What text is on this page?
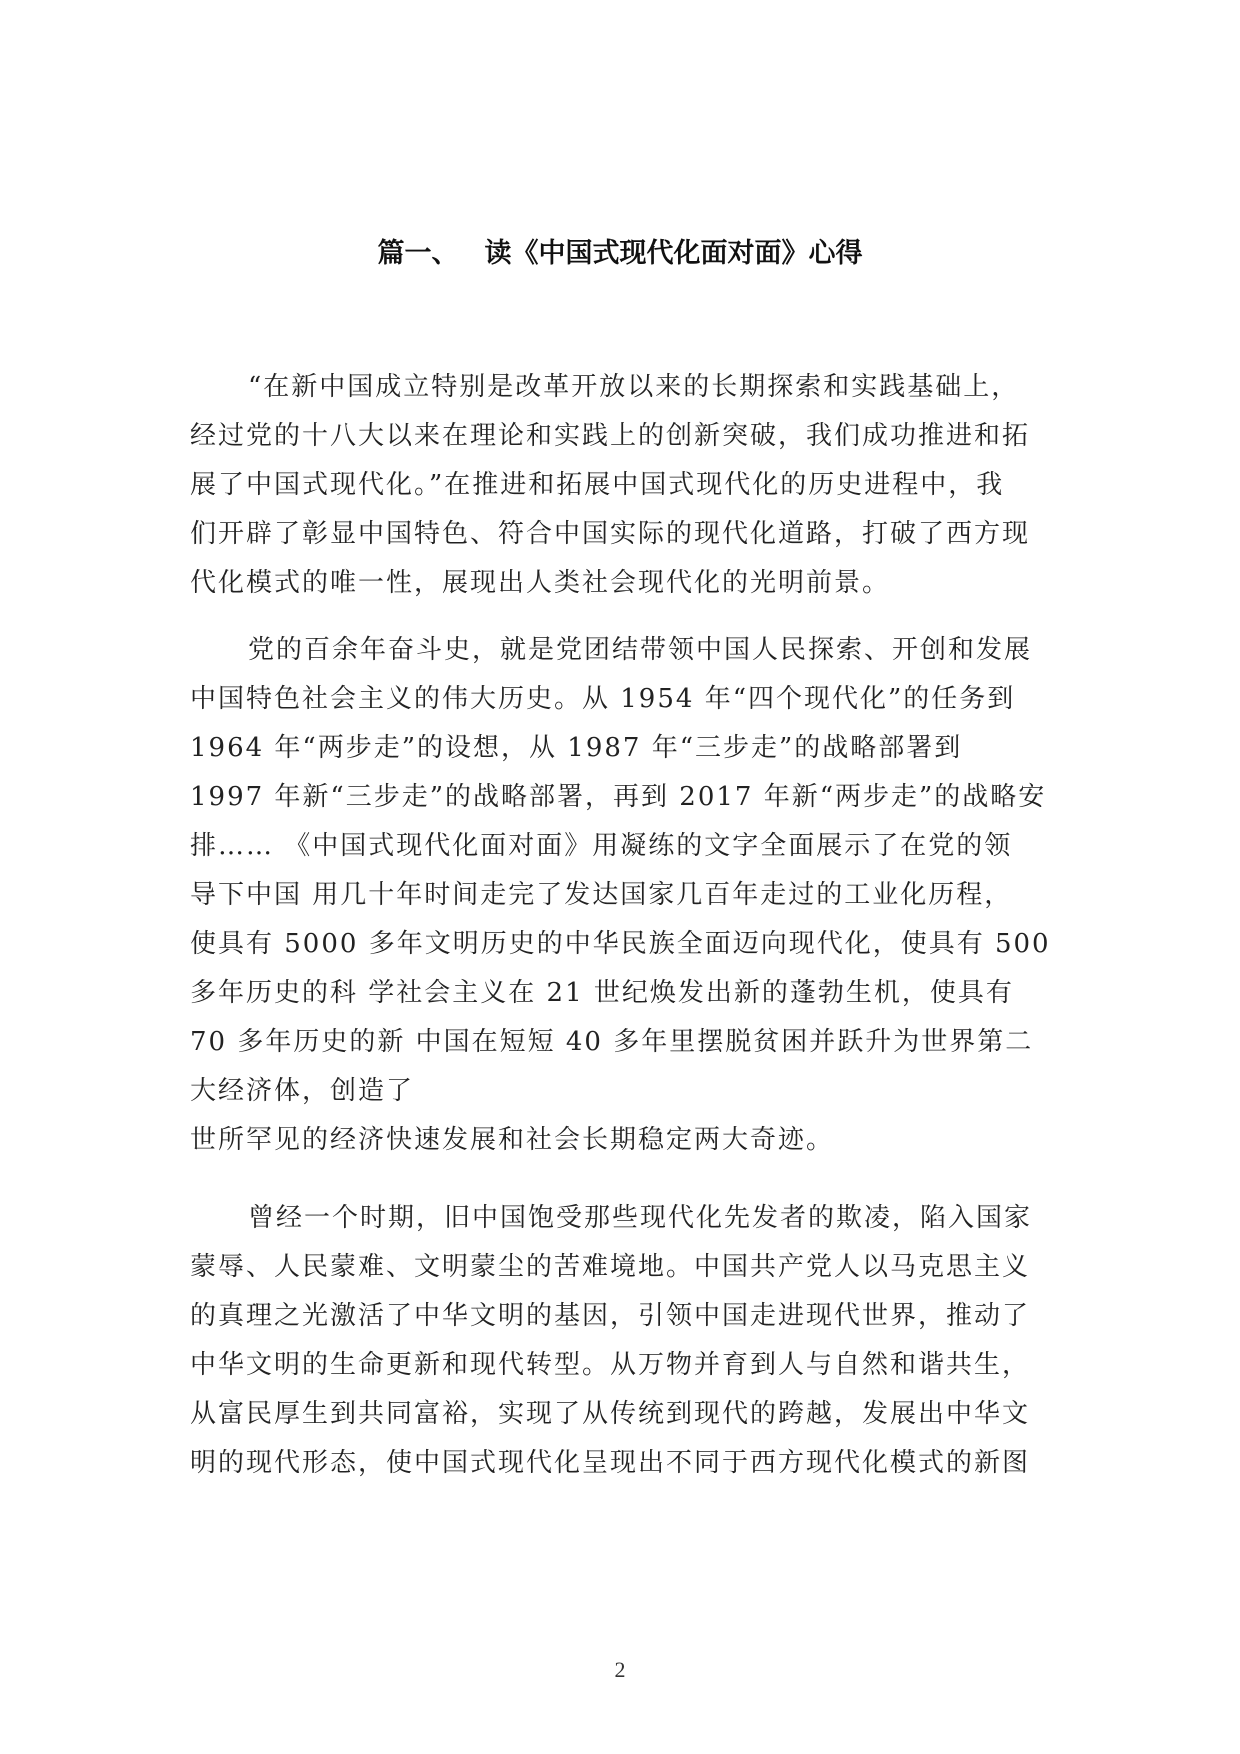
篇一、 读《中国式现代化面对面》心得

“在新中国成立特别是改革开放以来的长期探索和实践基础上，

经过党的十八大以来在理论和实践上的创新突破，我们成功推进和拓

展了中国式现代化。”在推进和拓展中国式现代化的历史进程中，我

们开辟了彰显中国特色、符合中国实际的现代化道路，打破了西方现

代化模式的唯一性，展现出人类社会现代化的光明前景。

党的百余年奋斗史，就是党团结带领中国人民探索、开创和发展

中国特色社会主义的伟大历史。从 1954 年“四个现代化”的任务到

1964 年“两步走”的设想，从 1987 年“三步走”的战略部署到

1997 年新“三步走”的战略部署，再到 2017 年新“两步走”的战略安

排…… 《中国式现代化面对面》用凝练的文字全面展示了在党的领

导下中国 用几十年时间走完了发达国家几百年走过的工业化历程，

使具有 5000 多年文明历史的中华民族全面迈向现代化，使具有 500

多年历史的科 学社会主义在 21 世纪焕发出新的蓬勃生机，使具有

70 多年历史的新 中国在短短 40 多年里摆脱贫困并跃升为世界第二

大经济体，创造了

世所罕见的经济快速发展和社会长期稳定两大奇迹。

曾经一个时期，旧中国饱受那些现代化先发者的欺凌，陷入国家

蒙辱、人民蒙难、文明蒙尘的苦难境地。中国共产党人以马克思主义

的真理之光激活了中华文明的基因，引领中国走进现代世界，推动了

中华文明的生命更新和现代转型。从万物并育到人与自然和谐共生，

从富民厚生到共同富裕，实现了从传统到现代的跨越，发展出中华文

明的现代形态，使中国式现代化呈现出不同于西方现代化模式的新图

2
